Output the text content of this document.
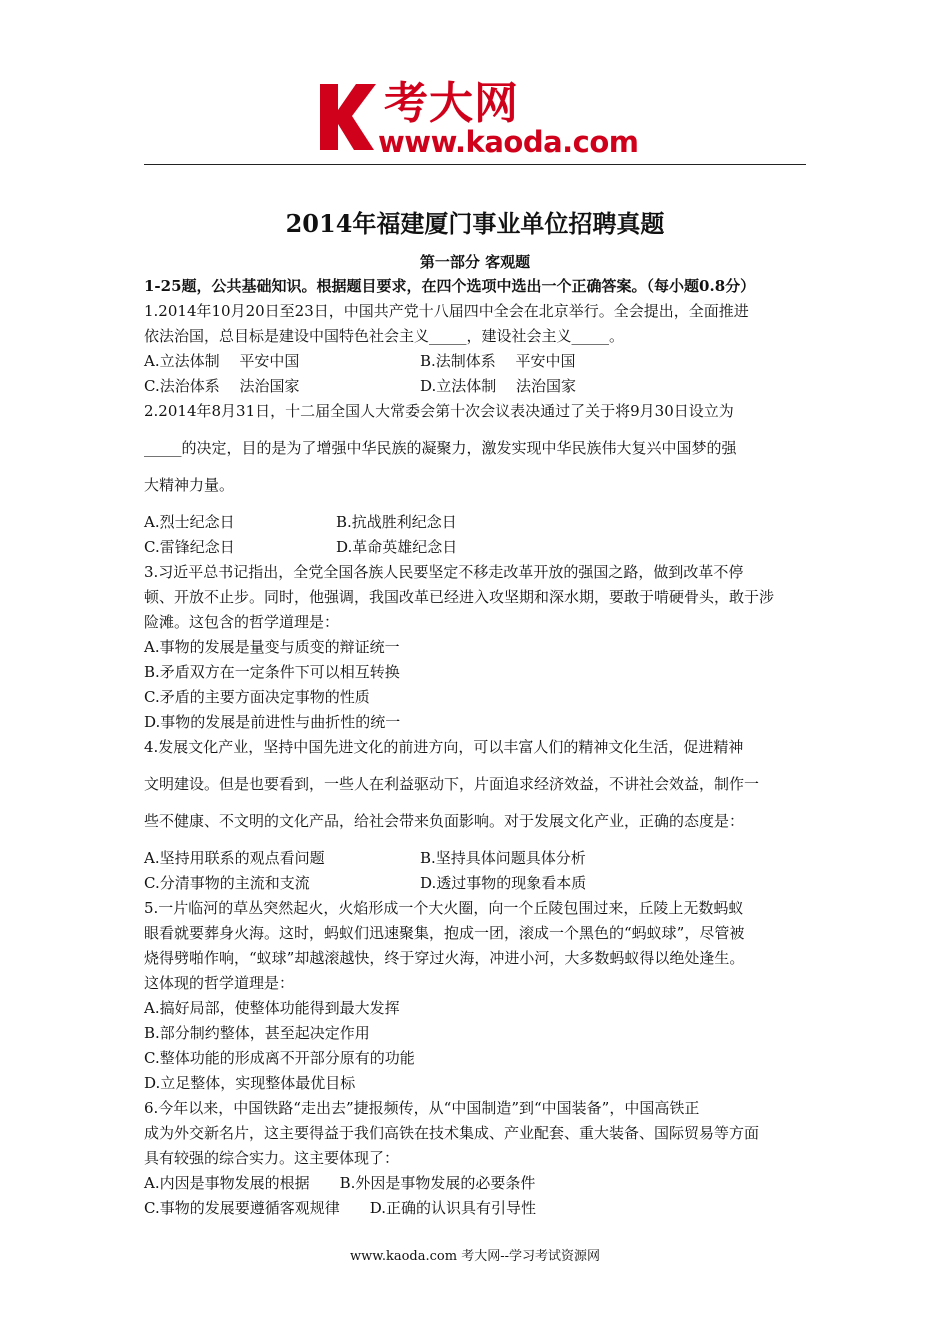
考大网
www.kaoda.com
2014年福建厦门事业单位招聘真题
第一部分 客观题
1-25题，公共基础知识。根据题目要求，在四个选项中选出一个正确答案。（每小题0.8分）
1.2014年10月20日至23日，中国共产党十八届四中全会在北京举行。全会提出，全面推进
依法治国，总目标是建设中国特色社会主义_____，建设社会主义_____。
A.立法体制　 平安中国	B.法制体系　 平安中国
C.法治体系　 法治国家	D.立法体制　 法治国家
2.2014年8月31日，十二届全国人大常委会第十次会议表决通过了关于将9月30日设立为
_____的决定，目的是为了增强中华民族的凝聚力，激发实现中华民族伟大复兴中国梦的强
大精神力量。
A.烈士纪念日	B.抗战胜利纪念日
C.雷锋纪念日	D.革命英雄纪念日
3.习近平总书记指出，全党全国各族人民要坚定不移走改革开放的强国之路，做到改革不停
顿、开放不止步。同时，他强调，我国改革已经进入攻坚期和深水期，要敢于啃硬骨头，敢于涉
险滩。这包含的哲学道理是：
A.事物的发展是量变与质变的辩证统一
B.矛盾双方在一定条件下可以相互转换
C.矛盾的主要方面决定事物的性质
D.事物的发展是前进性与曲折性的统一
4.发展文化产业，坚持中国先进文化的前进方向，可以丰富人们的精神文化生活，促进精神
文明建设。但是也要看到，一些人在利益驱动下，片面追求经济效益，不讲社会效益，制作一
些不健康、不文明的文化产品，给社会带来负面影响。对于发展文化产业，正确的态度是：
A.坚持用联系的观点看问题	B.坚持具体问题具体分析
C.分清事物的主流和支流	D.透过事物的现象看本质
5.一片临河的草丛突然起火，火焰形成一个大火圈，向一个丘陵包围过来，丘陵上无数蚂蚁
眼看就要葬身火海。这时，蚂蚁们迅速聚集，抱成一团，滚成一个黑色的“蚂蚁球”，尽管被
烧得劈啪作响，“蚁球”却越滚越快，终于穿过火海，冲进小河，大多数蚂蚁得以绝处逢生。
这体现的哲学道理是：
A.搞好局部，使整体功能得到最大发挥
B.部分制约整体，甚至起决定作用
C.整体功能的形成离不开部分原有的功能
D.立足整体，实现整体最优目标
6.今年以来，中国铁路“走出去”捷报频传，从“中国制造”到“中国装备”，中国高铁正
成为外交新名片，这主要得益于我们高铁在技术集成、产业配套、重大装备、国际贸易等方面
具有较强的综合实力。这主要体现了：
A.内因是事物发展的根据　　B.外因是事物发展的必要条件
C.事物的发展要遵循客观规律　　D.正确的认识具有引导性
www.kaoda.com 考大网--学习考试资源网
